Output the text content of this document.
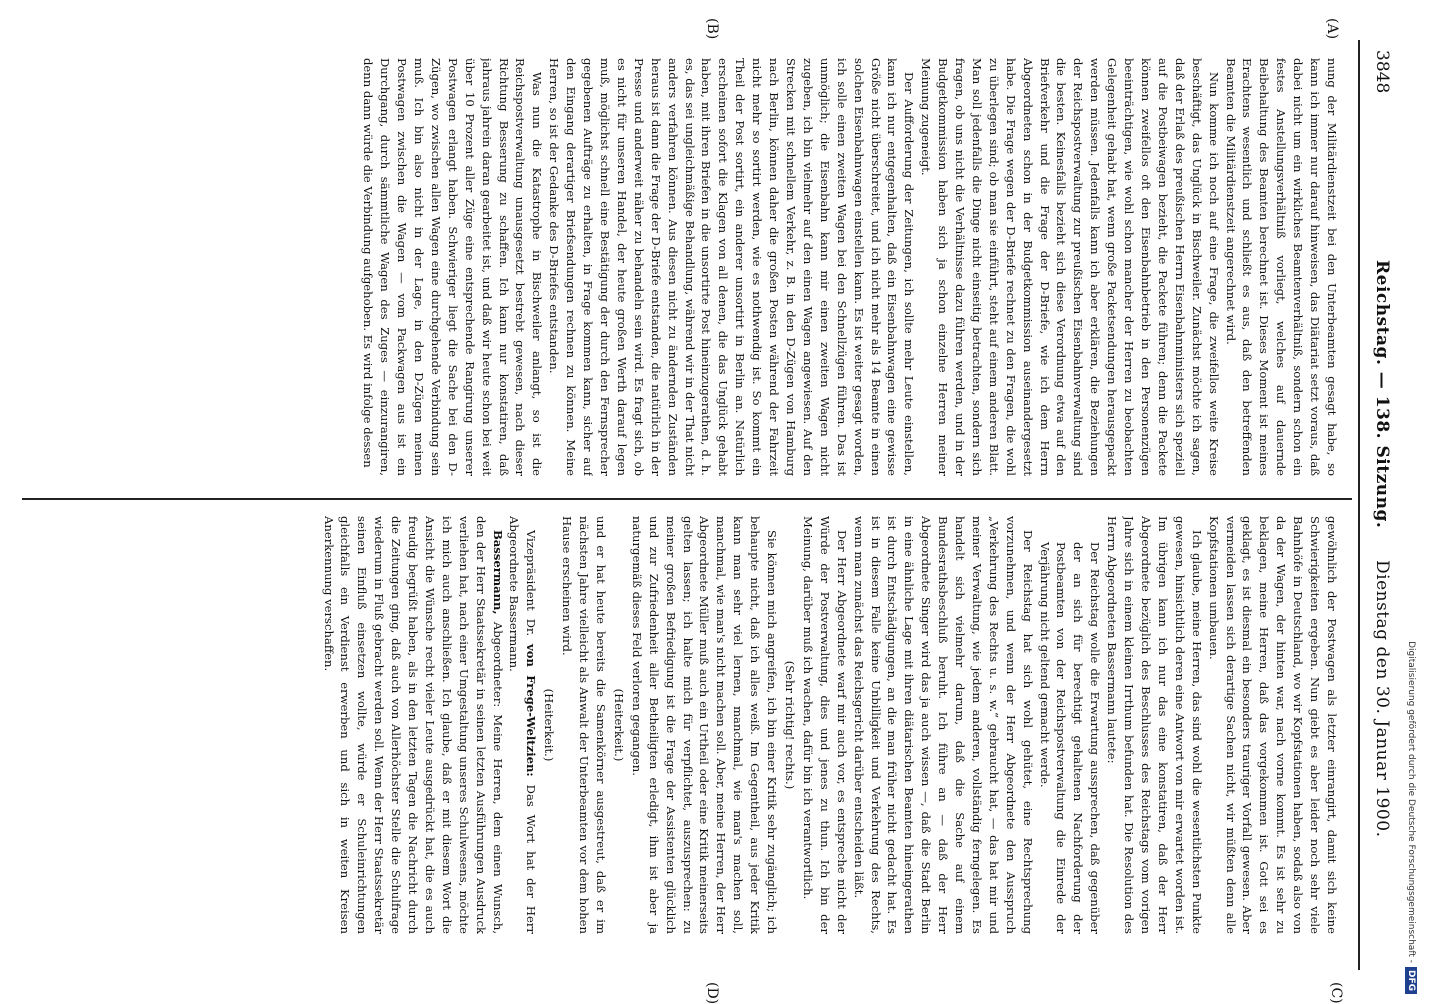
3848
Reichstag. — 138. Sitzung.
Dienstag den 30. Januar 1900.
(A)
(B)
(C)
(D)

nung der Militärdienstzeit bei den Unterbeamten gesagt habe, so kann ich immer nur darauf hinweisen, das Diätariat setzt voraus, daß dabei nicht um ein wirkliches Beamtenverhältniß, sondern schon ein festes Anstellungsverhältniß vorliegt, welches auf dauernde Beibehaltung des Beamten berechnet ist. Dieses Moment ist meines Erachtens wesentlich und schließt es aus, daß den betreffenden Beamten die Militärdienstzeit angerechnet wird.

Nun komme ich noch auf eine Frage, die zweifellos weite Kreise beschäftigt, das Unglück in Bischweiler. Zunächst möchte ich sagen, daß der Erlaß des preußischen Herrn Eisenbahnministers sich speziell auf die Postbeiwagen bezieht, die Packete führen; denn die Packete können zweifellos oft den Eisenbahnbetrieb in den Personenzügen beeinträchtigen, wie wohl schon mancher der Herren zu beobachten Gelegenheit gehabt hat, wenn große Packetsendungen herausgepackt werden müssen. Jedenfalls kann ich aber erklären, die Beziehungen der Reichspostverwaltung zur preußischen Eisenbahnverwaltung sind die besten. Keinesfalls bezieht sich diese Verordnung etwa auf den Briefverkehr und die Frage der D-Briefe, wie ich dem Herrn Abgeordneten schon in der Budgetkommission auseinandergesetzt habe. Die Frage wegen der D-Briefe rechnet zu den Fragen, die wohl zu überlegen sind; ob man sie einführt, steht auf einem anderen Blatt. Man soll jedenfalls die Dinge nicht einseitig betrachten, sondern sich fragen, ob uns nicht die Verhältnisse dazu führen werden, und in der Budgetkommission haben sich ja schon einzelne Herren meiner Meinung zugeneigt.

Der Aufforderung der Zeitungen, ich sollte mehr Leute einstellen, kann ich nur entgegenhalten, daß ein Eisenbahnwagen eine gewisse Größe nicht überschreitet, und ich nicht mehr als 14 Beamte in einen solchen Eisenbahnwagen einstellen kann. Es ist weiter gesagt worden, ich solle einen zweiten Wagen bei den Schnellzügen führen. Das ist unmöglich; die Eisenbahn kann mir einen zweiten Wagen nicht zugeben, ich bin vielmehr auf den einen Wagen angewiesen. Auf den Strecken mit schnellem Verkehr, z. B. in den D-Zügen von Hamburg nach Berlin, können daher die großen Posten während der Fahrzeit nicht mehr so sortirt werden, wie es nothwendig ist. So kommt ein Theil der Post sortirt, ein anderer unsortirt in Berlin an. Natürlich erscheinen sofort die Klagen von all denen, die das Unglück gehabt haben, mit ihren Briefen in die unsortirte Post hineinzugerathen, d. h. es, das sei ungleichmäßige Behandlung, während wir in der That nicht anders verfahren können. Aus diesen nicht zu ändernden Zuständen heraus ist dann die Frage der D-Briefe entstanden, die natürlich in der Presse und anderweit näher zu behandeln sein wird. Es fragt sich, ob es nicht für unseren Handel, der heute großen Werth darauf legen muß, möglichst schnell eine Bestätigung der durch den Fernsprecher gegebenen Aufträge zu erhalten, in Frage kommen kann, sicher auf den Eingang derartiger Briefsendungen rechnen zu können. Meine Herren, so ist der Gedanke des D-Briefes entstanden.

Was nun die Katastrophe in Bischweiler anlangt, so ist die Reichspostverwaltung unausgesetzt bestrebt gewesen, nach dieser Richtung Besserung zu schaffen. Ich kann nur konstatiren, daß jahraus jahrein daran gearbeitet ist, und daß wir heute schon bei weit über 10 Prozent aller Züge eine entsprechende Rangirung unserer Postwagen erlangt haben. Schwieriger liegt die Sache bei den D-Zügen, wo zwischen allen Wagen eine durchgehende Verbindung sein muß. Ich bin also nicht in der Lage, in den D-Zügen meinen Postwagen zwischen die Wagen — vom Packwagen aus ist ein Durchgang, durch sämmtliche Wagen des Zuges — einzurangiren, denn dann würde die Verbindung aufgehoben. Es wird infolge dessen

gewöhnlich der Postwagen als letzter einrangirt, damit sich keine Schwierigkeiten ergeben. Nun giebt es aber leider noch sehr viele Bahnhöfe in Deutschland, wo wir Kopfstationen haben, sodaß also von da der Wagen, der hinten war, nach vorne kommt. Es ist sehr zu beklagen, meine Herren, daß das vorgekommen ist. Gott sei es geklagt, es ist diesmal ein besonders trauriger Vorfall gewesen. Aber vermeiden lassen sich derartige Sachen nicht, wir müßten denn alle Kopfstationen umbauen.

Ich glaube, meine Herren, das sind wohl die wesentlichsten Punkte gewesen, hinsichtlich deren eine Antwort von mir erwartet worden ist. Im übrigen kann ich nur das eine konstatiren, daß der Herr Abgeordnete bezüglich des Beschlusses des Reichstags vom vorigen Jahre sich in einem kleinen Irrthum befunden hat. Die Resolution des Herrn Abgeordneten Bassermann lautete:

Der Reichstag wolle die Erwartung aussprechen, daß gegenüber der an sich für berechtigt gehaltenen Nachforderung der Postbeamten von der Reichspostverwaltung die Einrede der Verjährung nicht geltend gemacht werde.

Der Reichstag hat sich wohl gehütet, eine Rechtsprechung vorzunehmen, und wenn der Herr Abgeordnete den Ausspruch „Verkehrung des Rechts u. s. w.“ gebraucht hat, — das hat mir und meiner Verwaltung, wie jedem anderen, vollständig ferngelegen. Es handelt sich vielmehr darum, daß die Sache auf einem Bundesrathsbeschluß beruht. Ich führe an — daß der Herr Abgeordnete Singer wird das ja auch wissen —, daß die Stadt Berlin in eine ähnliche Lage mit ihren diätarischen Beamten hineingerathen ist durch Entschädigungen, an die man früher nicht gedacht hat. Es ist in diesem Falle keine Unbilligkeit und Verkehrung des Rechts, wenn man zunächst das Reichsgericht darüber entscheiden läßt.

Der Herr Abgeordnete warf mir auch vor, es entspreche nicht der Würde der Postverwaltung, dies und jenes zu thun. Ich bin der Meinung, darüber muß ich wachen, dafür bin ich verantwortlich.

(Sehr richtig! rechts.)

Sie können mich angreifen, ich bin einer Kritik sehr zugänglich; ich behaupte nicht, daß ich alles weiß. Im Gegentheil, aus jeder Kritik kann man sehr viel lernen, manchmal, wie man's machen soll, manchmal, wie man's nicht machen soll. Aber, meine Herren, der Herr Abgeordnete Müller muß auch ein Urtheil oder eine Kritik meinerseits gelten lassen; ich halte mich für verpflichtet, auszusprechen: zu meiner großen Befriedigung ist die Frage der Assistenten glücklich und zur Zufriedenheit aller Betheiligten erledigt, ihm ist aber ja naturgemäß dieses Feld verloren gegangen.

(Heiterkeit.)

und er hat heute bereits die Samenkörner ausgestreut, daß er im nächsten Jahre vielleicht als Anwalt der Unterbeamten vor dem hohen Hause erscheinen wird.

(Heiterkeit.)

Vizepräsident Dr. von Frege-Weltzien: Das Wort hat der Herr Abgeordnete Bassermann.

Bassermann, Abgeordneter: Meine Herren, dem einen Wunsch, den der Herr Staatssekretär in seinen letzten Ausführungen Ausdruck verliehen hat, nach einer Umgestaltung unseres Schulwesens, möchte ich mich auch anschließen. Ich glaube, daß er mit diesem Wort die Ansicht die Wünsche recht vieler Leute ausgedrückt hat, die es auch freudig begrüßt haben, als in den letzten Tagen die Nachricht durch die Zeitungen ging, daß auch von Allerhöchster Stelle die Schulfrage wiederum in Fluß gebracht werden soll. Wenn der Herr Staatssekretär seinen Einfluß einsetzen wollte, würde er Schuleinrichtungen gleichfalls ein Verdienst erwerben und sich in weiten Kreisen Anerkennung verschaffen.

Digitalisierung gefördert durch die Deutsche Forschungsgemeinschaft -DFG
